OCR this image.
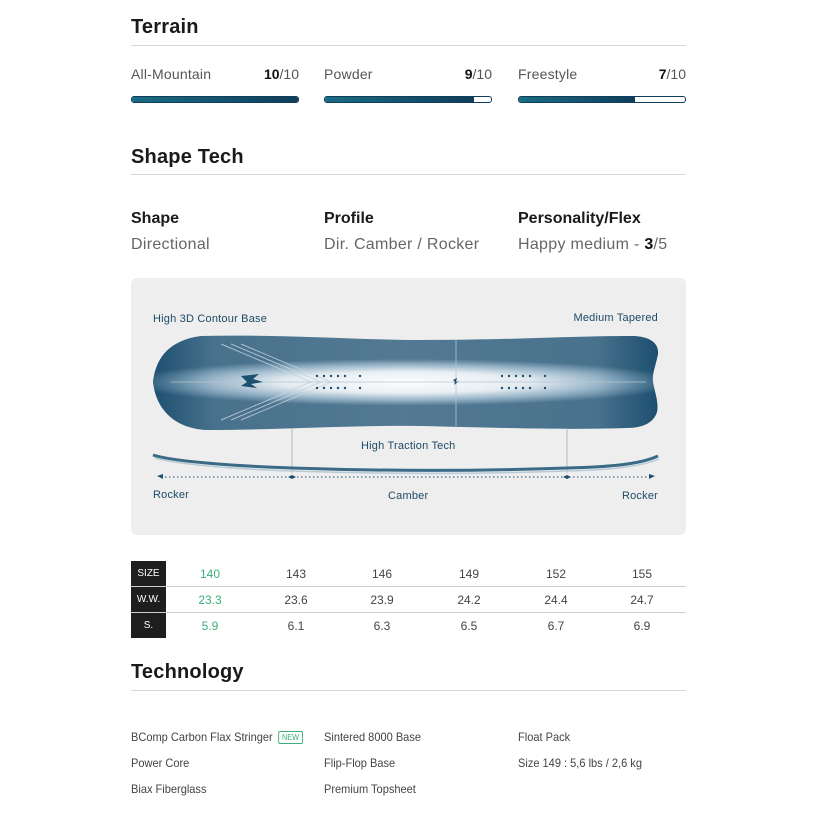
Terrain
All-Mountain	10/10 Powder	9/10 Freestyle	7/10
Shape Tech
Shape
Directional
Profile
Dir. Camber / Rocker
Personality/Flex
Happy medium - 3/5
High 3D Contour Base	Medium Tapered
High Traction Tech
Rocker	Camber	Rocker
SIZE	140	143	146	149	152	155
W.W.	23.3	23.6	23.9	24.2	24.4	24.7
S.	5.9	6.1	6.3	6.5	6.7	6.9
Technology
BComp Carbon Flax Stringer NEW
Power Core
Biax Fiberglass
Sintered 8000 Base
Flip-Flop Base
Premium Topsheet
Float Pack
Size 149 : 5,6 lbs / 2,6 kg
